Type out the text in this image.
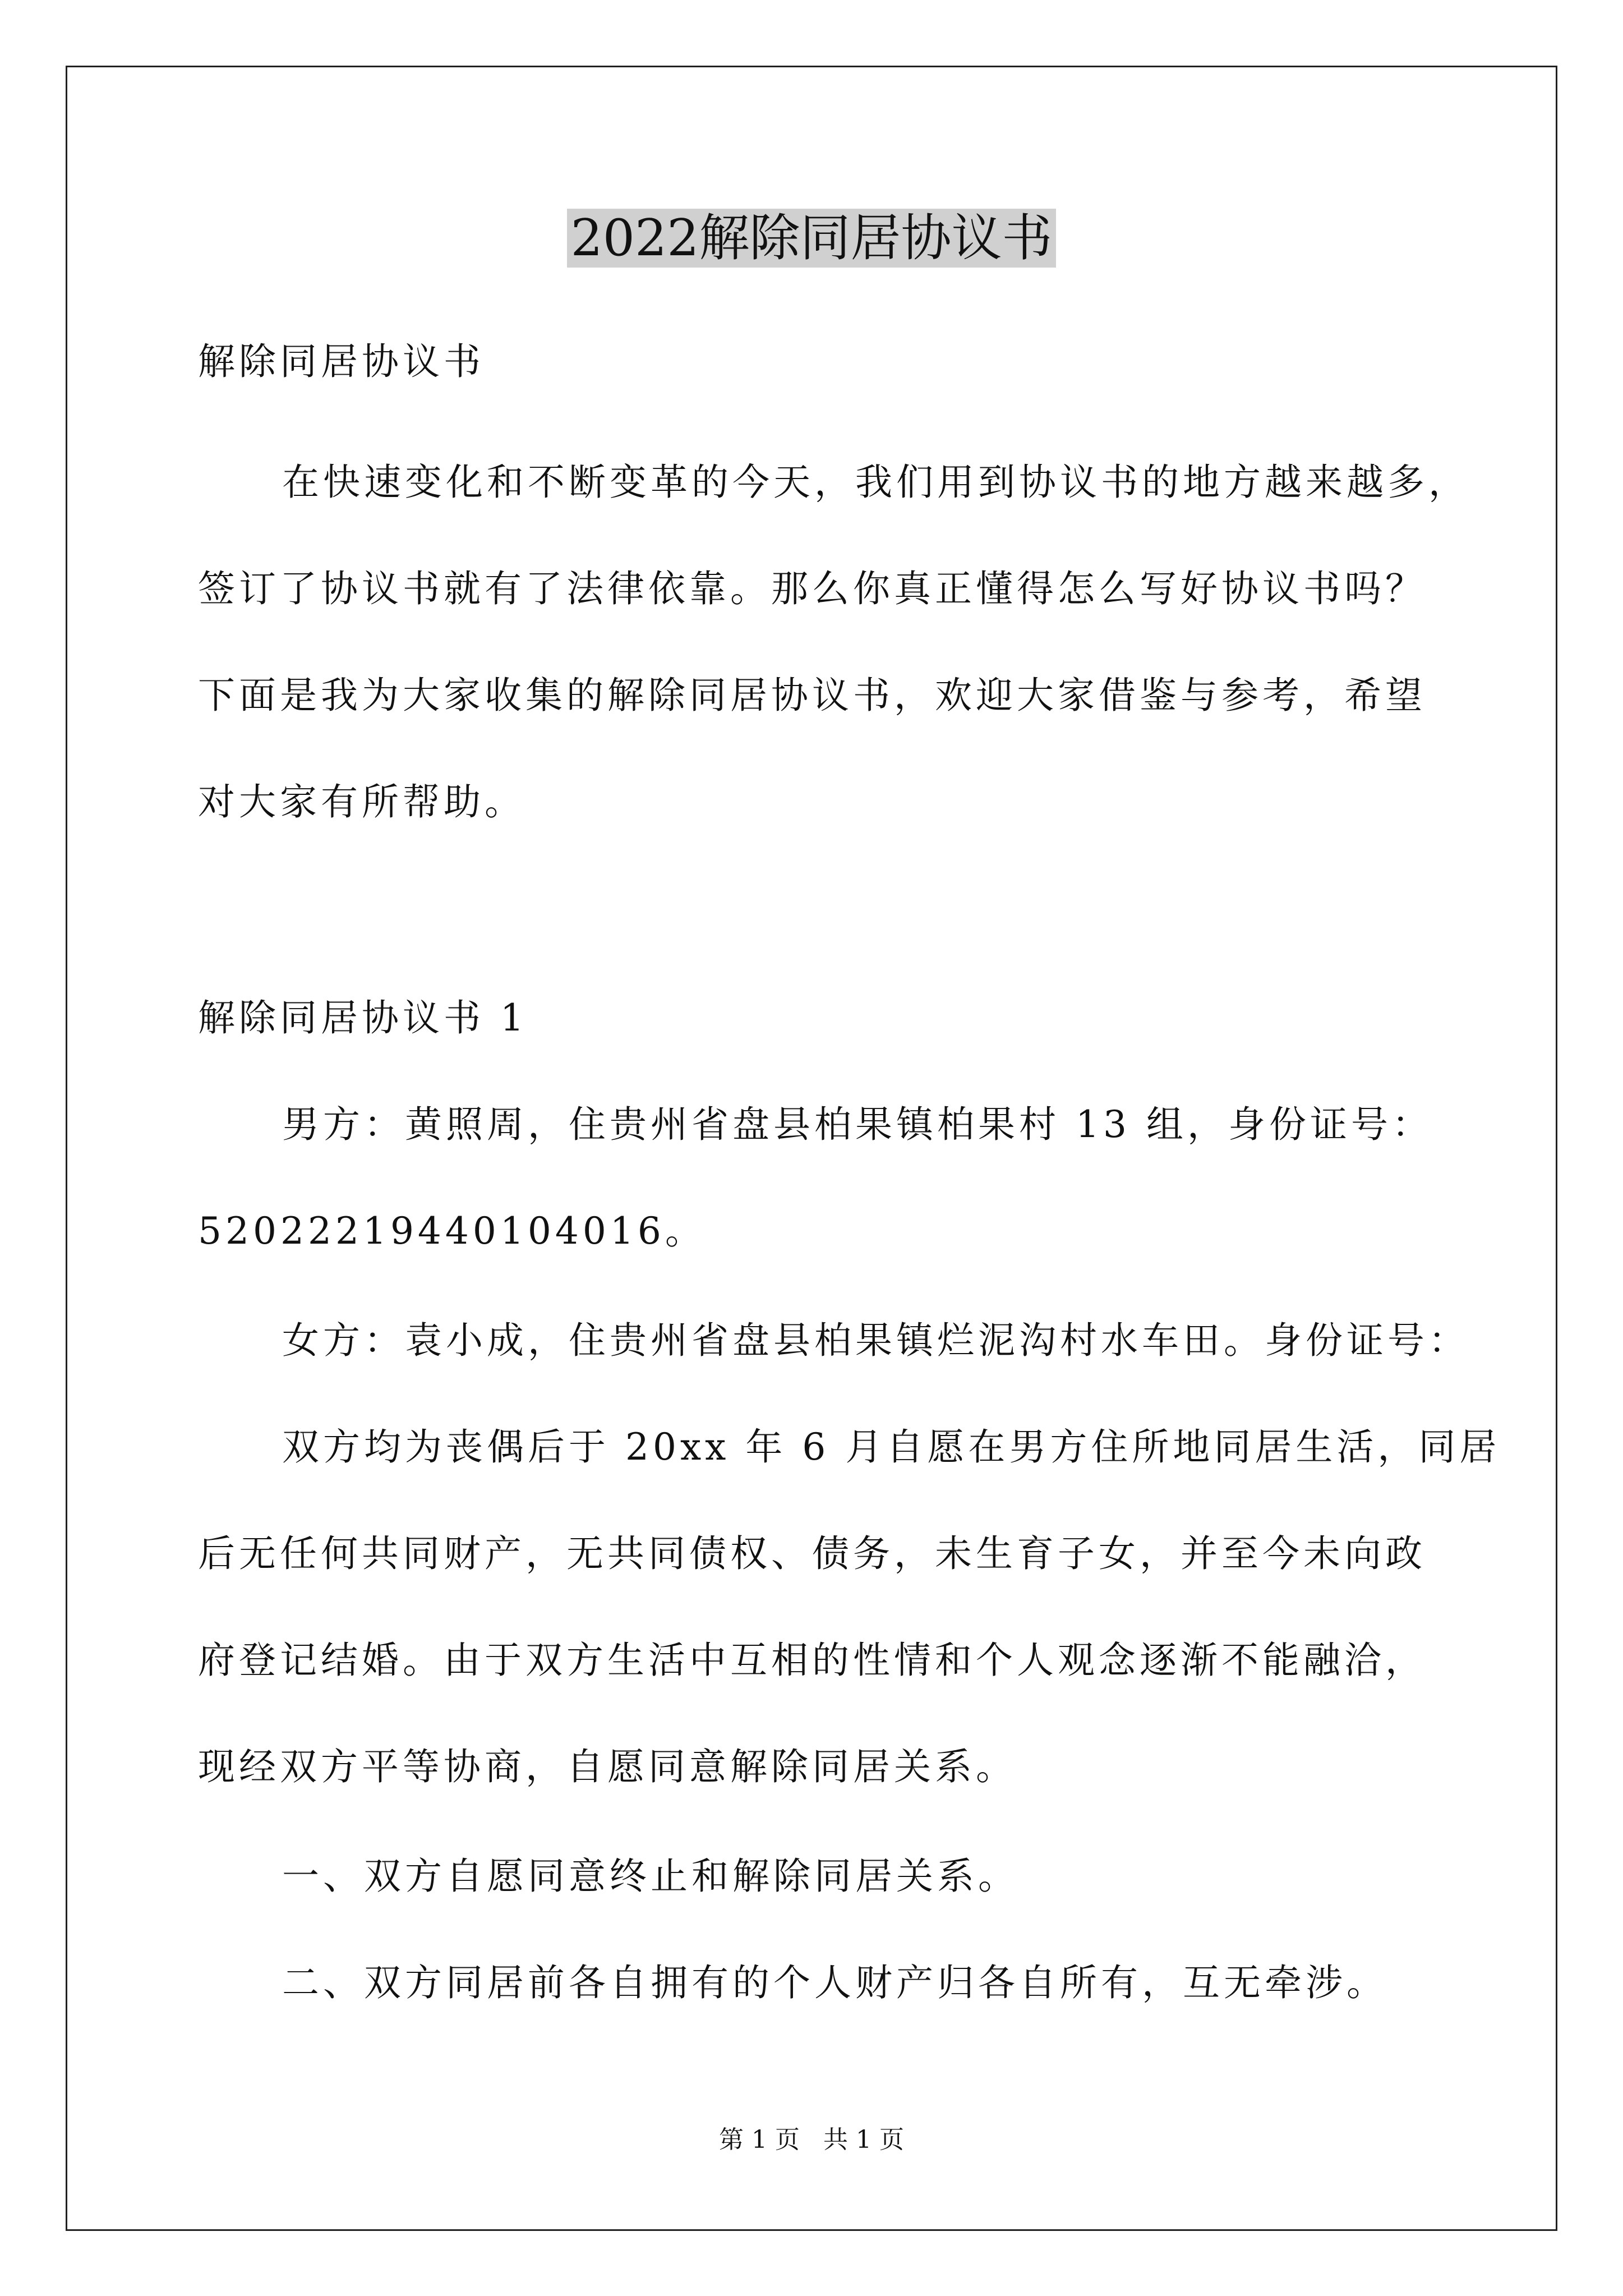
2022解除同居协议书
解除同居协议书
在快速变化和不断变革的今天，我们用到协议书的地方越来越多，
签订了协议书就有了法律依靠。那么你真正懂得怎么写好协议书吗？
下面是我为大家收集的解除同居协议书，欢迎大家借鉴与参考，希望
对大家有所帮助。
解除同居协议书 1
男方：黄照周，住贵州省盘县柏果镇柏果村 13 组，身份证号：
52022219440104016。
女方：袁小成，住贵州省盘县柏果镇烂泥沟村水车田。身份证号：
双方均为丧偶后于 20xx 年 6 月自愿在男方住所地同居生活，同居
后无任何共同财产，无共同债权、债务，未生育子女，并至今未向政
府登记结婚。由于双方生活中互相的性情和个人观念逐渐不能融洽，
现经双方平等协商，自愿同意解除同居关系。
一、双方自愿同意终止和解除同居关系。
二、双方同居前各自拥有的个人财产归各自所有，互无牵涉。
第 1 页   共 1 页
